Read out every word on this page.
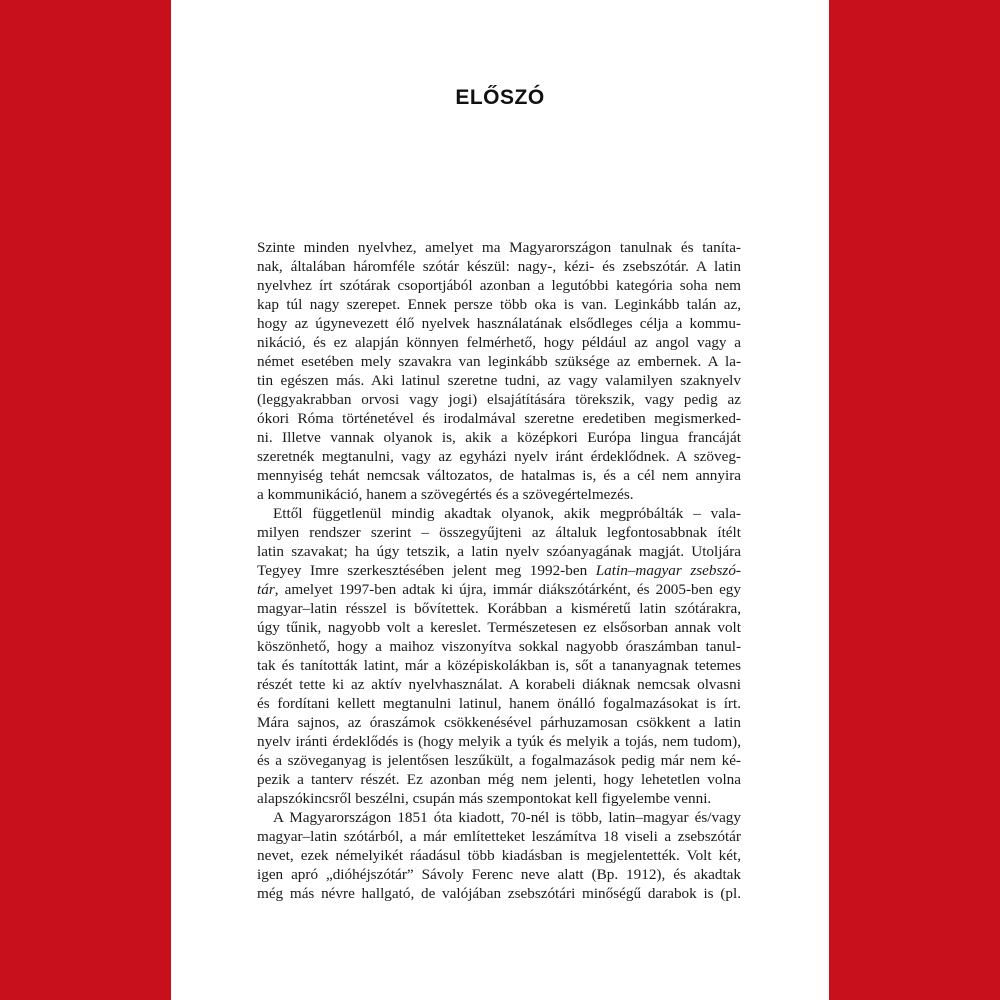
ELŐSZÓ
Szinte minden nyelvhez, amelyet ma Magyarországon tanulnak és taníta-
nak, általában háromféle szótár készül: nagy-, kézi- és zsebszótár. A latin
nyelvhez írt szótárak csoportjából azonban a legutóbbi kategória soha nem
kap túl nagy szerepet. Ennek persze több oka is van. Leginkább talán az,
hogy az úgynevezett élő nyelvek használatának elsődleges célja a kommu-
nikáció, és ez alapján könnyen felmérhető, hogy például az angol vagy a
német esetében mely szavakra van leginkább szüksége az embernek. A la-
tin egészen más. Aki latinul szeretne tudni, az vagy valamilyen szaknyelv
(leggyakrabban orvosi vagy jogi) elsajátítására törekszik, vagy pedig az
ókori Róma történetével és irodalmával szeretne eredetiben megismerked-
ni. Illetve vannak olyanok is, akik a középkori Európa lingua francáját
szeretnék megtanulni, vagy az egyházi nyelv iránt érdeklődnek. A szöveg-
mennyiség tehát nemcsak változatos, de hatalmas is, és a cél nem annyira
a kommunikáció, hanem a szövegértés és a szövegértelmezés.
Ettől függetlenül mindig akadtak olyanok, akik megpróbálták – vala-
milyen rendszer szerint – összegyűjteni az általuk legfontosabbnak ítélt
latin szavakat; ha úgy tetszik, a latin nyelv szóanyagának magját. Utoljára
Tegyey Imre szerkesztésében jelent meg 1992-ben Latin–magyar zsebszó-
tár, amelyet 1997-ben adtak ki újra, immár diákszótárként, és 2005-ben egy
magyar–latin résszel is bővítettek. Korábban a kisméretű latin szótárakra,
úgy tűnik, nagyobb volt a kereslet. Természetesen ez elsősorban annak volt
köszönhető, hogy a maihoz viszonyítva sokkal nagyobb óraszámban tanul-
tak és tanították latint, már a középiskolákban is, sőt a tananyagnak tetemes
részét tette ki az aktív nyelvhasználat. A korabeli diáknak nemcsak olvasni
és fordítani kellett megtanulni latinul, hanem önálló fogalmazásokat is írt.
Mára sajnos, az óraszámok csökkenésével párhuzamosan csökkent a latin
nyelv iránti érdeklődés is (hogy melyik a tyúk és melyik a tojás, nem tudom),
és a szöveganyag is jelentősen leszűkült, a fogalmazások pedig már nem ké-
pezik a tanterv részét. Ez azonban még nem jelenti, hogy lehetetlen volna
alapszókincsről beszélni, csupán más szempontokat kell figyelembe venni.
A Magyarországon 1851 óta kiadott, 70-nél is több, latin–magyar és/vagy
magyar–latin szótárból, a már említetteket leszámítva 18 viseli a zsebszótár
nevet, ezek némelyikét ráadásul több kiadásban is megjelentették. Volt két,
igen apró „dióhéjszótár” Sávoly Ferenc neve alatt (Bp. 1912), és akadtak
még más névre hallgató, de valójában zsebszótári minőségű darabok is (pl.
